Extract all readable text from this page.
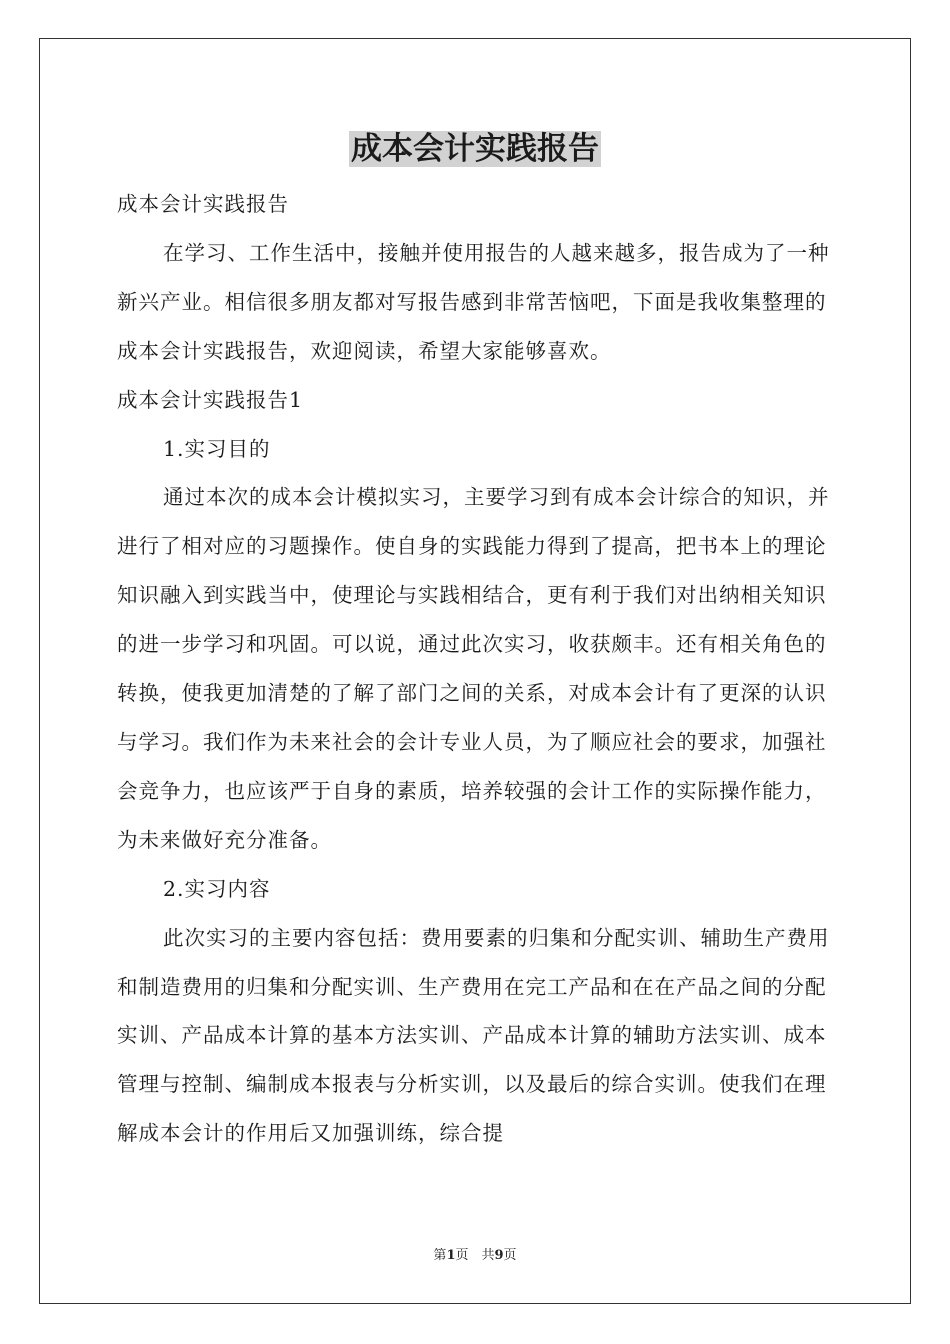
成本会计实践报告

成本会计实践报告

在学习、工作生活中，接触并使用报告的人越来越多，报告成为了一种新兴产业。相信很多朋友都对写报告感到非常苦恼吧，下面是我收集整理的成本会计实践报告，欢迎阅读，希望大家能够喜欢。

成本会计实践报告1

1.实习目的

通过本次的成本会计模拟实习，主要学习到有成本会计综合的知识，并进行了相对应的习题操作。使自身的实践能力得到了提高，把书本上的理论知识融入到实践当中，使理论与实践相结合，更有利于我们对出纳相关知识的进一步学习和巩固。可以说，通过此次实习，收获颇丰。还有相关角色的转换，使我更加清楚的了解了部门之间的关系，对成本会计有了更深的认识与学习。我们作为未来社会的会计专业人员，为了顺应社会的要求，加强社会竞争力，也应该严于自身的素质，培养较强的会计工作的实际操作能力，为未来做好充分准备。

2.实习内容

此次实习的主要内容包括：费用要素的归集和分配实训、辅助生产费用和制造费用的归集和分配实训、生产费用在完工产品和在在产品之间的分配实训、产品成本计算的基本方法实训、产品成本计算的辅助方法实训、成本管理与控制、编制成本报表与分析实训，以及最后的综合实训。使我们在理解成本会计的作用后又加强训练，综合提

第1页　共9页
